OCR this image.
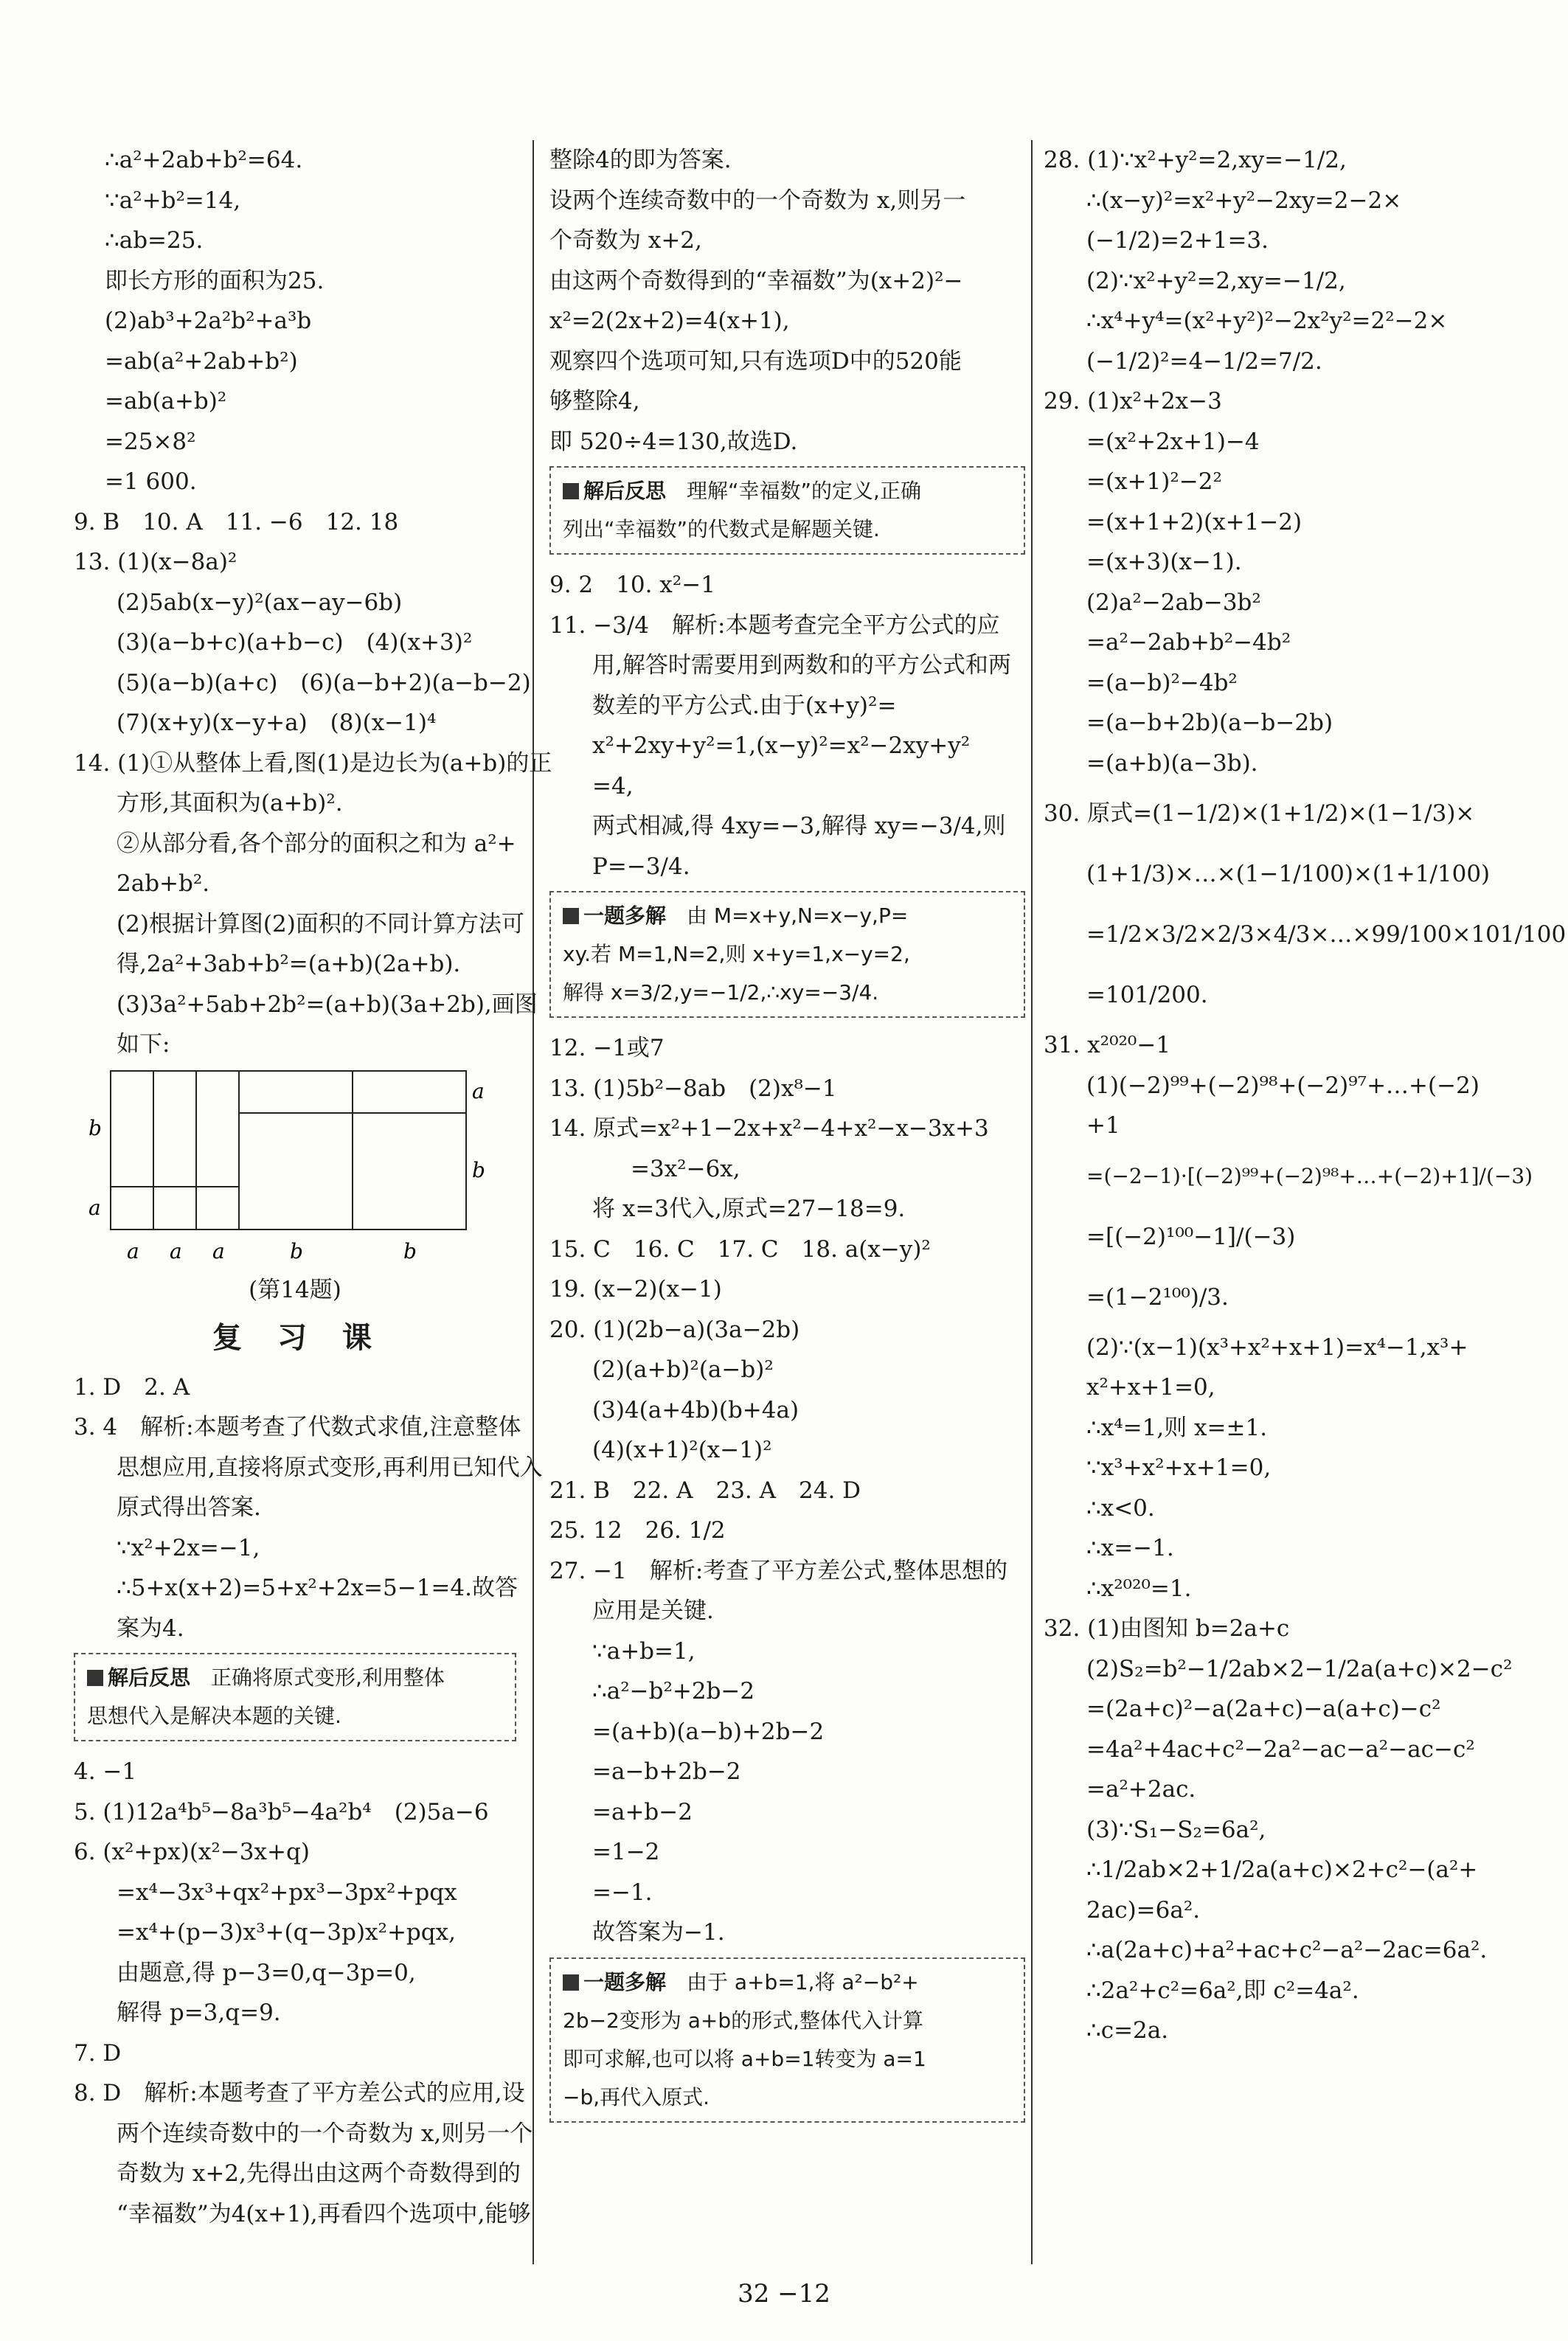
∴a²+2ab+b²=64.
∵a²+b²=14,
∴ab=25.
即长方形的面积为25.
(2)ab³+2a²b²+a³b
=ab(a²+2ab+b²)
=ab(a+b)²
=25×8²
=1 600.
9. B　10. A　11. −6　12. 18
13. (1)(x−8a)²
(2)5ab(x−y)²(ax−ay−6b)
(3)(a−b+c)(a+b−c)　(4)(x+3)²
(5)(a−b)(a+c)　(6)(a−b+2)(a−b−2)
(7)(x+y)(x−y+a)　(8)(x−1)⁴
14. (1)①从整体上看,图(1)是边长为(a+b)的正
方形,其面积为(a+b)².
②从部分看,各个部分的面积之和为 a²+
2ab+b².
(2)根据计算图(2)面积的不同计算方法可
得,2a²+3ab+b²=(a+b)(2a+b).
(3)3a²+5ab+2b²=(a+b)(3a+2b),画图
如下:
a
b
b
a
a a a	b	b
(第14题)
复习课
1. D　2. A
3. 4　解析:本题考查了代数式求值,注意整体
思想应用,直接将原式变形,再利用已知代入
原式得出答案.
∵x²+2x=−1,
∴5+x(x+2)=5+x²+2x=5−1=4.故答
案为4.
解后反思　 正确将原式变形,利用整体
思想代入是解决本题的关键.
4. −1
5. (1)12a⁴b⁵−8a³b⁵−4a²b⁴　(2)5a−6
6. (x²+px)(x²−3x+q)
=x⁴−3x³+qx²+px³−3px²+pqx
=x⁴+(p−3)x³+(q−3p)x²+pqx,
由题意,得 p−3=0,q−3p=0,
解得 p=3,q=9.
7. D
8. D　解析:本题考查了平方差公式的应用,设
两个连续奇数中的一个奇数为 x,则另一个
奇数为 x+2,先得出由这两个奇数得到的
“幸福数”为4(x+1),再看四个选项中,能够
整除4的即为答案.
设两个连续奇数中的一个奇数为 x,则另一
个奇数为 x+2,
由这两个奇数得到的“幸福数”为(x+2)²−
x²=2(2x+2)=4(x+1),
观察四个选项可知,只有选项D中的520能
够整除4,
即 520÷4=130,故选D.
解后反思　 理解“幸福数”的定义,正确
列出“幸福数”的代数式是解题关键.
9. 2　10. x²−1
11. −3/4　解析:本题考查完全平方公式的应
用,解答时需要用到两数和的平方公式和两
数差的平方公式.由于(x+y)²=
x²+2xy+y²=1,(x−y)²=x²−2xy+y²
=4,
两式相减,得 4xy=−3,解得 xy=−3/4,则
P=−3/4.
一题多解　 由 M=x+y,N=x−y,P=
xy.若 M=1,N=2,则 x+y=1,x−y=2,
解得 x=3/2,y=−1/2,∴xy=−3/4.
12. −1或7
13. (1)5b²−8ab　(2)x⁸−1
14. 原式=x²+1−2x+x²−4+x²−x−3x+3
=3x²−6x,
将 x=3代入,原式=27−18=9.
15. C　16. C　17. C　18. a(x−y)²
19. (x−2)(x−1)
20. (1)(2b−a)(3a−2b)
(2)(a+b)²(a−b)²
(3)4(a+4b)(b+4a)
(4)(x+1)²(x−1)²
21. B　22. A　23. A　24. D
25. 12　26. 1/2
27. −1　解析:考查了平方差公式,整体思想的
应用是关键.
∵a+b=1,
∴a²−b²+2b−2
=(a+b)(a−b)+2b−2
=a−b+2b−2
=a+b−2
=1−2
=−1.
故答案为−1.
一题多解　 由于 a+b=1,将 a²−b²+
2b−2变形为 a+b的形式,整体代入计算
即可求解,也可以将 a+b=1转变为 a=1
−b,再代入原式.
28. (1)∵x²+y²=2,xy=−1/2,
∴(x−y)²=x²+y²−2xy=2−2×
(−1/2)=2+1=3.
(2)∵x²+y²=2,xy=−1/2,
∴x⁴+y⁴=(x²+y²)²−2x²y²=2²−2×
(−1/2)²=4−1/2=7/2.
29. (1)x²+2x−3
=(x²+2x+1)−4
=(x+1)²−2²
=(x+1+2)(x+1−2)
=(x+3)(x−1).
(2)a²−2ab−3b²
=a²−2ab+b²−4b²
=(a−b)²−4b²
=(a−b+2b)(a−b−2b)
=(a+b)(a−3b).
30. 原式=(1−1/2)×(1+1/2)×(1−1/3)×
(1+1/3)×…×(1−1/100)×(1+1/100)
=1/2×3/2×2/3×4/3×…×99/100×101/100
=101/200.
31. x²⁰²⁰−1
(1)(−2)⁹⁹+(−2)⁹⁸+(−2)⁹⁷+…+(−2)
+1
=(−2−1)·[(−2)⁹⁹+(−2)⁹⁸+…+(−2)+1]/(−3)
=[(−2)¹⁰⁰−1]/(−3)
=(1−2¹⁰⁰)/3.
(2)∵(x−1)(x³+x²+x+1)=x⁴−1,x³+
x²+x+1=0,
∴x⁴=1,则 x=±1.
∵x³+x²+x+1=0,
∴x<0.
∴x=−1.
∴x²⁰²⁰=1.
32. (1)由图知 b=2a+c
(2)S₂=b²−1/2ab×2−1/2a(a+c)×2−c²
=(2a+c)²−a(2a+c)−a(a+c)−c²
=4a²+4ac+c²−2a²−ac−a²−ac−c²
=a²+2ac.
(3)∵S₁−S₂=6a²,
∴1/2ab×2+1/2a(a+c)×2+c²−(a²+
2ac)=6a².
∴a(2a+c)+a²+ac+c²−a²−2ac=6a².
∴2a²+c²=6a²,即 c²=4a².
∴c=2a.
32 −12
